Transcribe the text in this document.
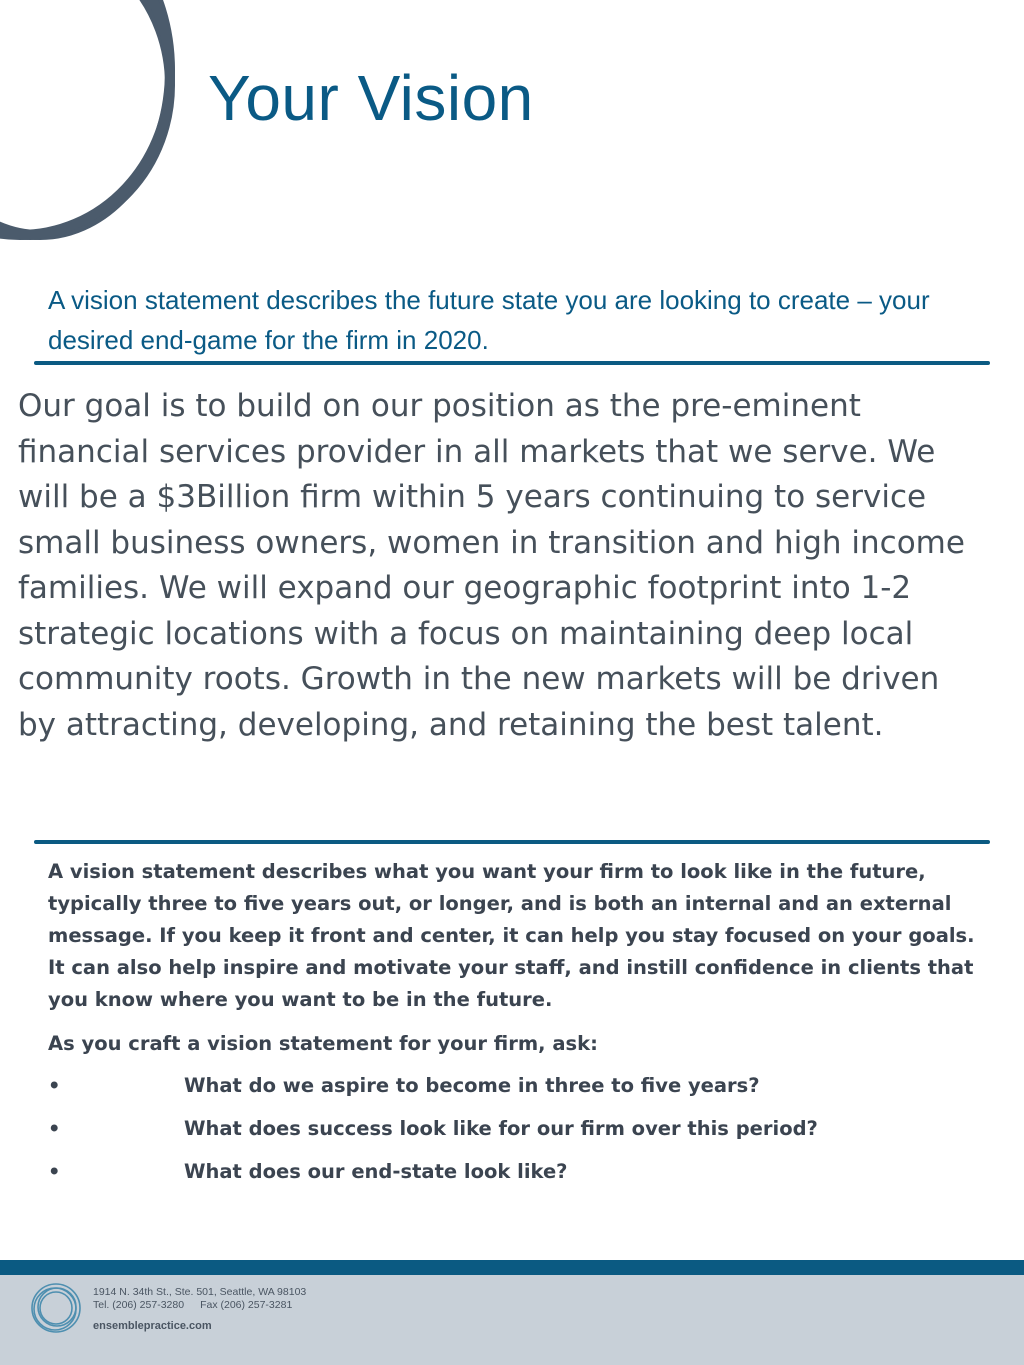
Your Vision
A vision statement describes the future state you are looking to create – your desired end-game for the firm in 2020.
Our goal is to build on our position as the pre-eminent financial services provider in all markets that we serve. We will be a $3Billion firm within 5 years continuing to service small business owners, women in transition and high income families. We will expand our geographic footprint into 1-2 strategic locations with a focus on maintaining deep local community roots. Growth in the new markets will be driven by attracting, developing, and retaining the best talent.

A vision statement describes what you want your firm to look like in the future, typically three to five years out, or longer, and is both an internal and an external message. If you keep it front and center, it can help you stay focused on your goals. It can also help inspire and motivate your staff, and instill confidence in clients that you know where you want to be in the future.

As you craft a vision statement for your firm, ask:
•	What do we aspire to become in three to five years?
•	What does success look like for our firm over this period?
•	What does our end-state look like?
1914 N. 34th St., Ste. 501, Seattle, WA 98103
Tel. (206) 257-3280 Fax (206) 257-3281
ensemblepractice.com
